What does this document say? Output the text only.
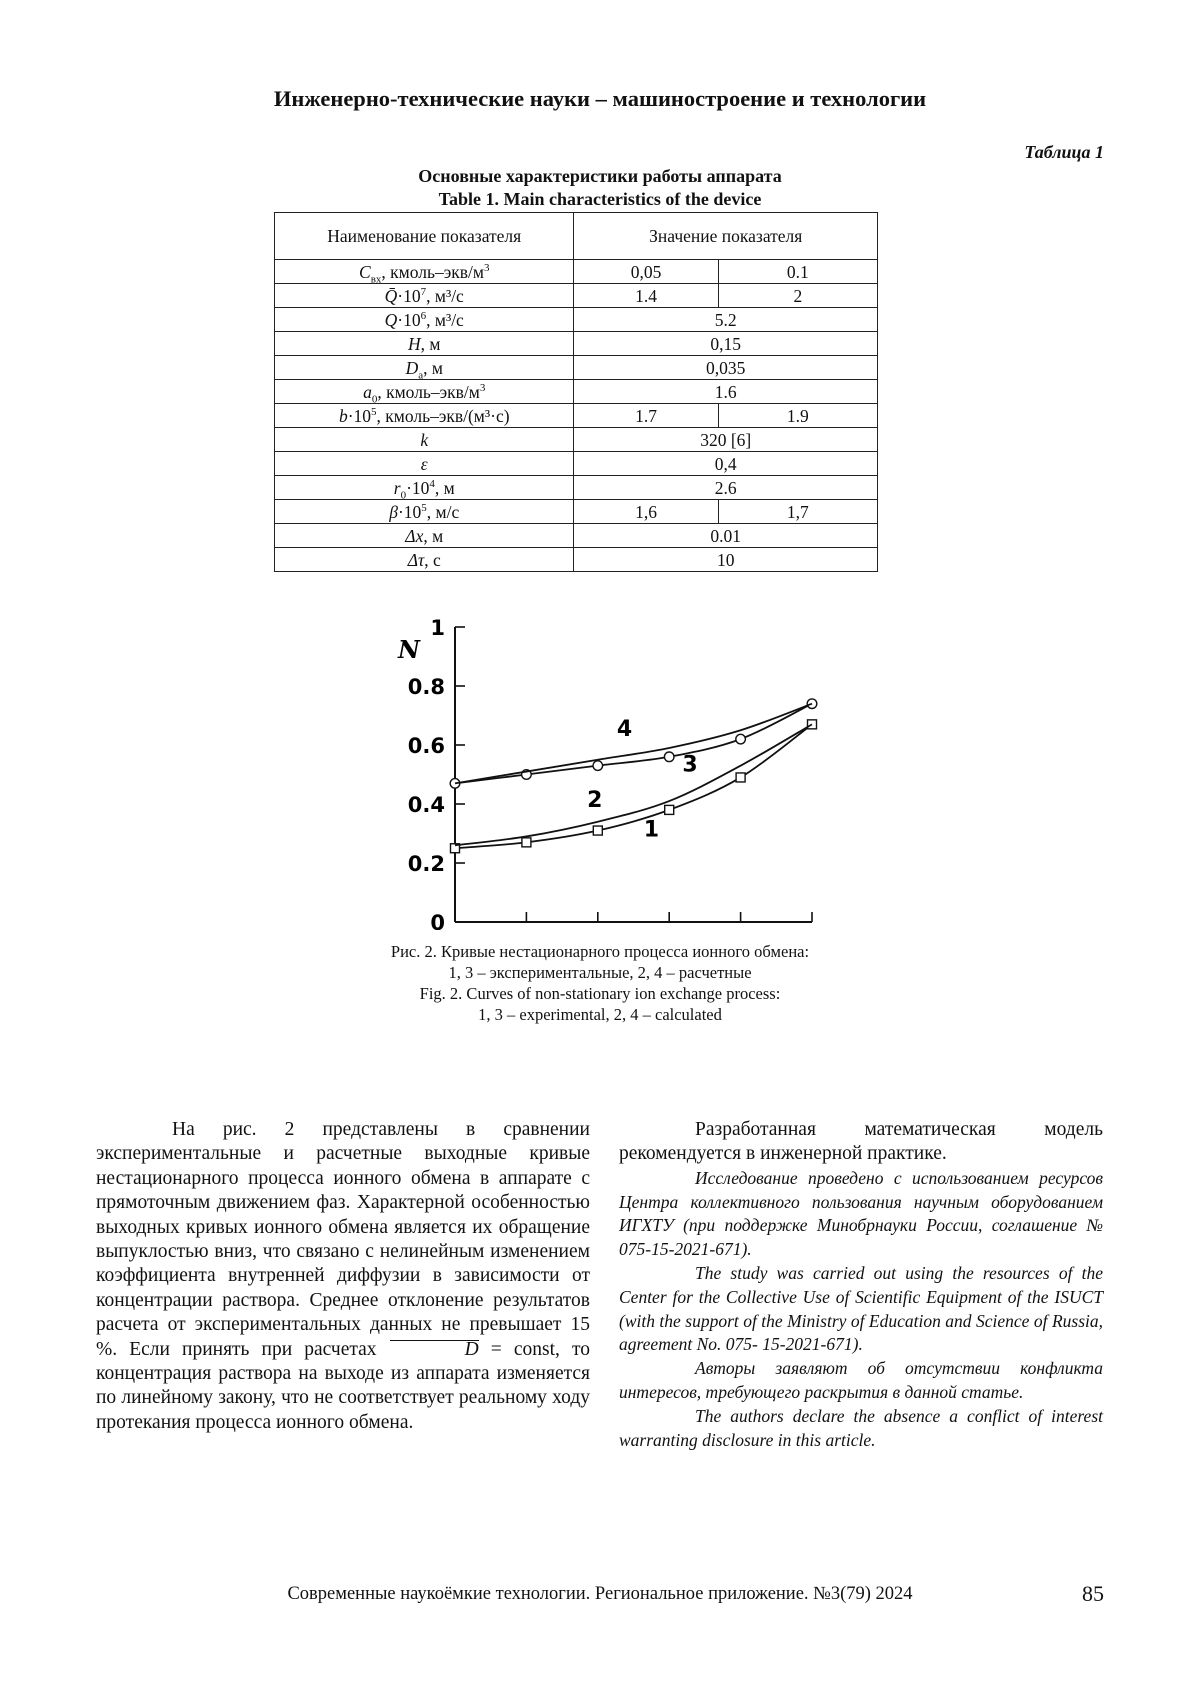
Инженерно-технические науки – машиностроение и технологии
Таблица 1
Основные характеристики работы аппарата
Table 1. Main characteristics of the device
Наименование показателя	Значение показателя	
$C_{вх}$, кмоль–$экв/м^3$	0,05	0.1
$Q̄\cdot 10^7$, м³/с	1.4	2
$Q\cdot 10^6$, м³/с	5.2	
H, м	0,15	
$D_a$, м	0,035	
$a_0$, кмоль–$экв/м^3$	1.6	
$b\cdot 10^5$, кмоль–экв/(м³·с)	1.7	1.9
k	320 [6]	
ε	0,4	
$r_0\cdot 10^4$, м	2.6	
$\beta\cdot 10^5$, м/с	1,6	1,7
Δx, м	0.01	
Δτ, с	10	
0
0.2
0.4
0.6
0.8
1
N
1
2
3
4
Рис. 2. Кривые нестационарного процесса ионного обмена:
1, 3 – экспериментальные, 2, 4 – расчетные
Fig. 2. Curves of non-stationary ion exchange process:
1, 3 – experimental, 2, 4 – calculated

На рис. 2 представлены в сравнении экспериментальные и расчетные выходные кривые нестационарного процесса ионного обмена в аппарате с прямоточным движением фаз. Характерной особенностью выходных кривых ионного обмена является их обращение выпуклостью вниз, что связано с нелинейным изменением коэффициента внутренней диффузии в зависимости от концентрации раствора. Среднее отклонение результатов расчета от экспериментальных данных не превышает 15 %. Если принять при расчетах	D = const, то концентрация раствора на выходе из аппарата изменяется по линейному закону, что не соответствует реальному ходу протекания процесса ионного обмена.

Разработанная математическая модель рекомендуется в инженерной практике.

Исследование проведено с использованием ресурсов Центра коллективного пользования научным оборудованием ИГХТУ (при поддержке Минобрнауки России, соглашение № 075-15-2021-671).

The study was carried out using the resources of the Center for the Collective Use of Scientific Equipment of the ISUCT (with the support of the Ministry of Education and Science of Russia, agreement No. 075- 15-2021-671).

Авторы заявляют об отсутствии конфликта интересов, требующего раскрытия в данной статье.

The authors declare the absence a conflict of interest warranting disclosure in this article.

Современные наукоёмкие технологии. Региональное приложение. №3(79) 2024	85
